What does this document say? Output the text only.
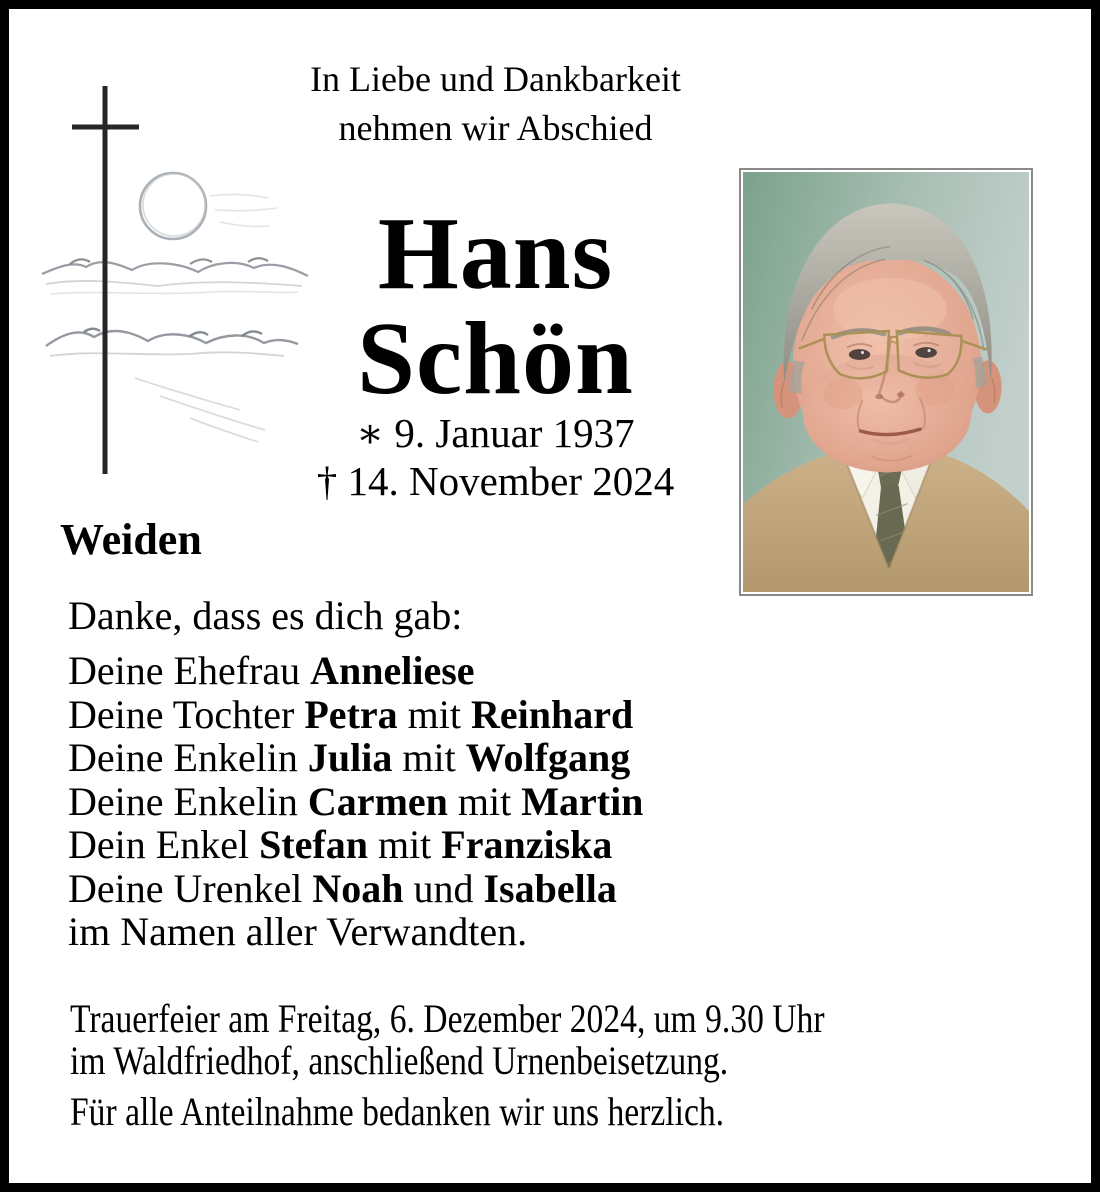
In Liebe und Dankbarkeit
nehmen wir Abschied
Hans
Schön
∗ 9. Januar 1937
† 14. November 2024
Weiden
Danke, dass es dich gab:
Deine Ehefrau Anneliese
Deine Tochter Petra mit Reinhard
Deine Enkelin Julia mit Wolfgang
Deine Enkelin Carmen mit Martin
Dein Enkel Stefan mit Franziska
Deine Urenkel Noah und Isabella
im Namen aller Verwandten.
Trauerfeier am Freitag, 6. Dezember 2024, um 9.30 Uhr
im Waldfriedhof, anschließend Urnenbeisetzung.
Für alle Anteilnahme bedanken wir uns herzlich.
